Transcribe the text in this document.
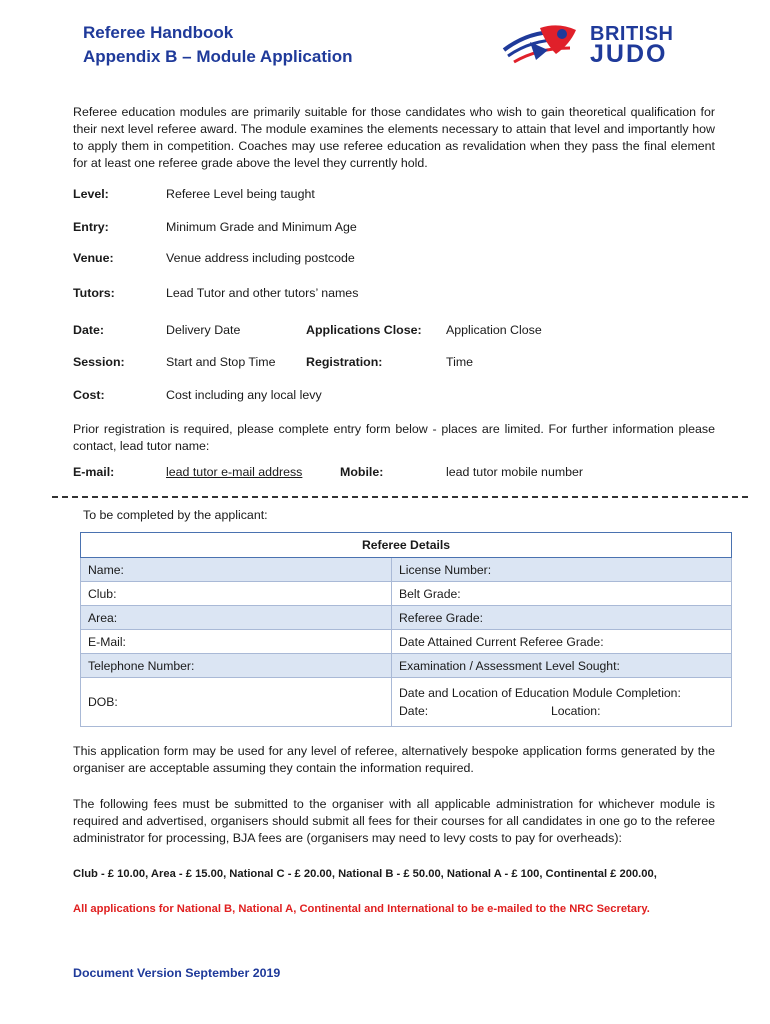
Referee Handbook
Appendix B – Module Application
BRITISH
JUDO
Referee education modules are primarily suitable for those candidates who wish to gain theoretical qualification for their next level referee award. The module examines the elements necessary to attain that level and importantly how to apply them in competition. Coaches may use referee education as revalidation when they pass the final element for at least one referee grade above the level they currently hold.
Level:	Referee Level being taught
Entry:	Minimum Grade and Minimum Age
Venue:	Venue address including postcode
Tutors:	Lead Tutor and other tutors’ names
Date:	Delivery Date	Applications Close: Application Close
Session:	Start and Stop Time Registration:	Time
Cost:	Cost including any local levy
Prior registration is required, please complete entry form below - places are limited. For further information please contact, lead tutor name:
E-mail:	lead tutor e-mail address	Mobile:	lead tutor mobile number
To be completed by the applicant:
Referee Details	
Name:	License Number:
Club:	Belt Grade:
Area:	Referee Grade:
E-Mail:	Date Attained Current Referee Grade:
Telephone Number:	Examination / Assessment Level Sought:
DOB:	Date and Location of Education Module Completion:
Date: Location:
This application form may be used for any level of referee, alternatively bespoke application forms generated by the organiser are acceptable assuming they contain the information required.
The following fees must be submitted to the organiser with all applicable administration for whichever module is required and advertised, organisers should submit all fees for their courses for all candidates in one go to the referee administrator for processing, BJA fees are (organisers may need to levy costs to pay for overheads):
Club - £ 10.00, Area - £ 15.00, National C - £ 20.00, National B - £ 50.00, National A - £ 100, Continental £ 200.00,
All applications for National B, National A, Continental and International to be e-mailed to the NRC Secretary.
Document Version September 2019
